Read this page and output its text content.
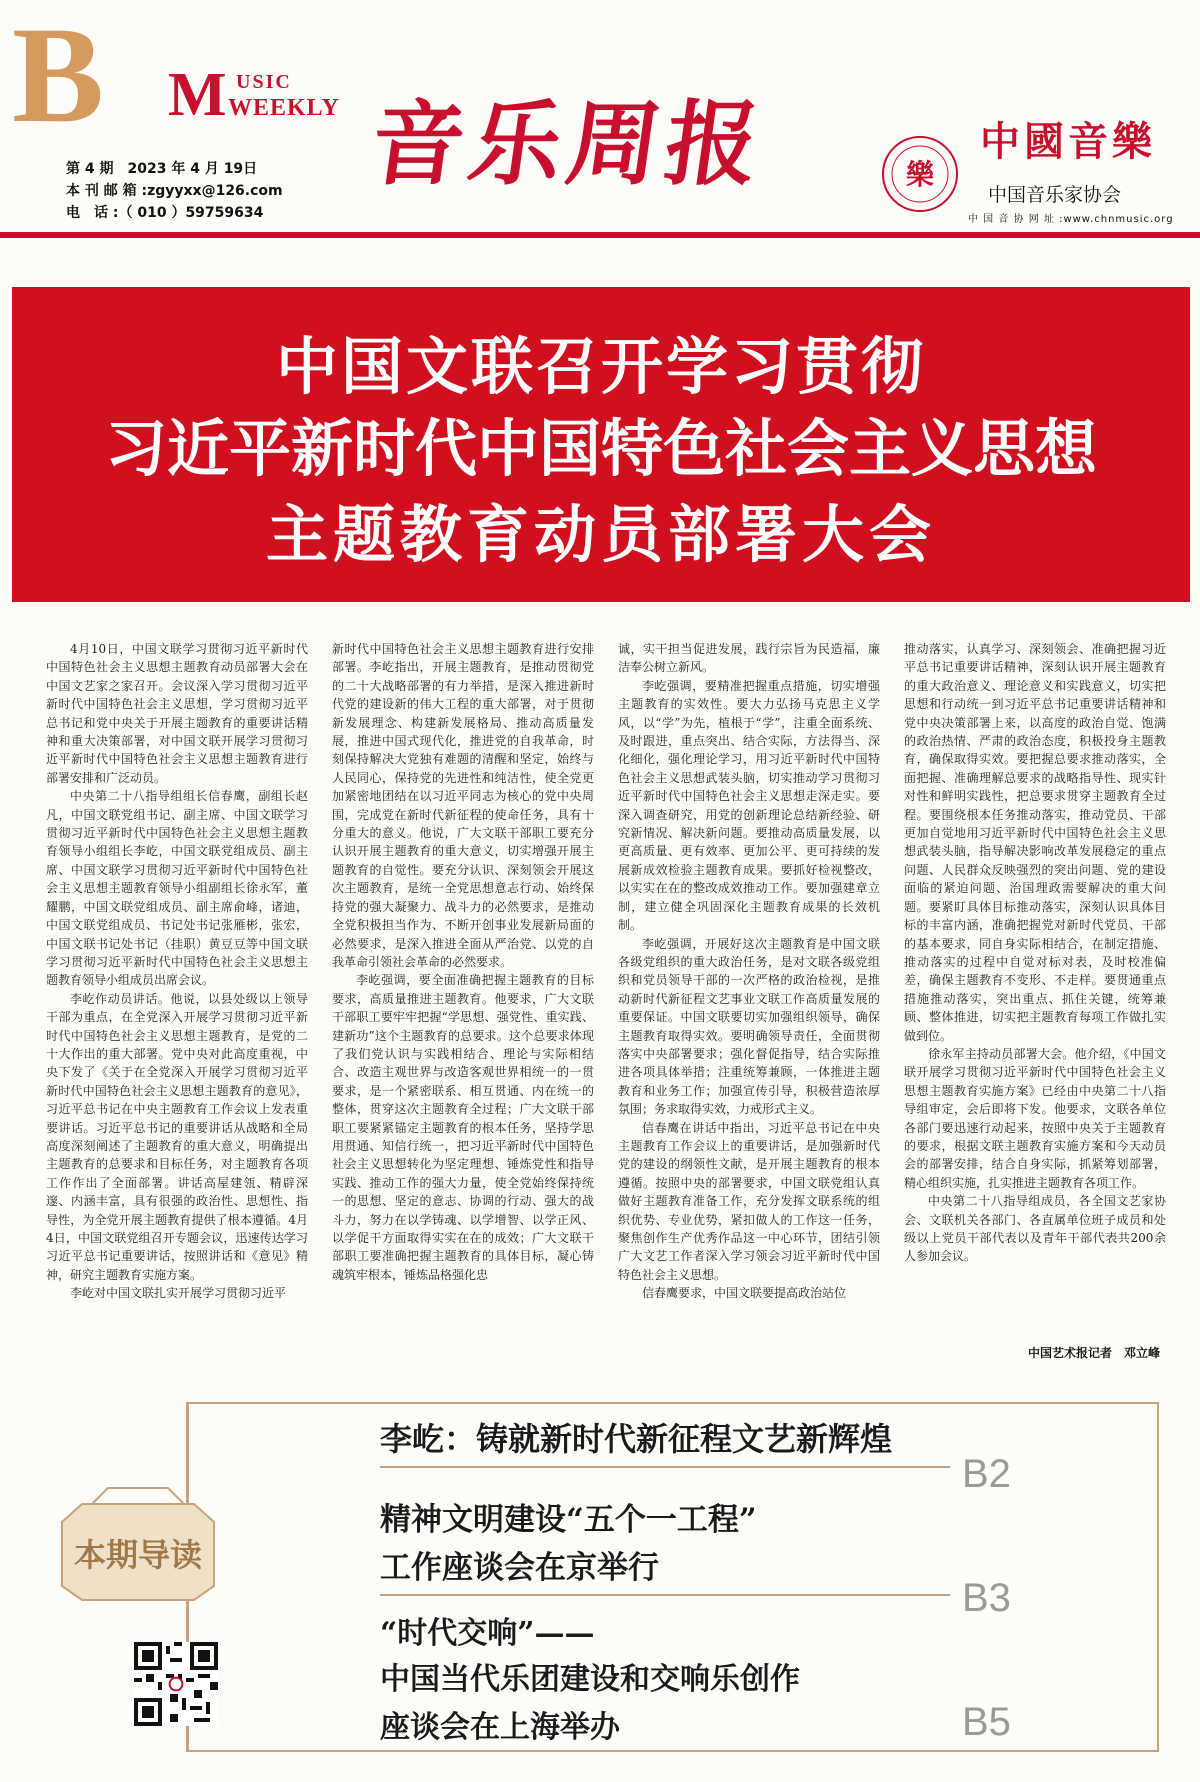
B M USIC
WEEKLY
第 4 期　2023 年 4 月 19日
本 刊 邮 箱 :zgyyxx@126.com
电　话 :（ 010 ）59759634
音乐周报	樂
中國音樂
中国音乐家协会
中 国 音 协 网 址 :www.chnmusic.org
中国文联召开学习贯彻
习近平新时代中国特色社会主义思想
主题教育动员部署大会

4月10日，中国文联学习贯彻习近平新时代中国特色社会主义思想主题教育动员部署大会在中国文艺家之家召开。会议深入学习贯彻习近平新时代中国特色社会主义思想，学习贯彻习近平总书记和党中央关于开展主题教育的重要讲话精神和重大决策部署，对中国文联开展学习贯彻习近平新时代中国特色社会主义思想主题教育进行部署安排和广泛动员。

中央第二十八指导组组长信春鹰，副组长赵凡，中国文联党组书记、副主席、中国文联学习贯彻习近平新时代中国特色社会主义思想主题教育领导小组组长李屹，中国文联党组成员、副主席、中国文联学习贯彻习近平新时代中国特色社会主义思想主题教育领导小组副组长徐永军，董耀鹏，中国文联党组成员、副主席俞峰，诸迪，中国文联党组成员、书记处书记张雁彬，张宏，中国文联书记处书记（挂职）黄豆豆等中国文联学习贯彻习近平新时代中国特色社会主义思想主题教育领导小组成员出席会议。

李屹作动员讲话。他说，以县处级以上领导干部为重点，在全党深入开展学习贯彻习近平新时代中国特色社会主义思想主题教育，是党的二十大作出的重大部署。党中央对此高度重视，中央下发了《关于在全党深入开展学习贯彻习近平新时代中国特色社会主义思想主题教育的意见》，习近平总书记在中央主题教育工作会议上发表重要讲话。习近平总书记的重要讲话从战略和全局高度深刻阐述了主题教育的重大意义，明确提出主题教育的总要求和目标任务，对主题教育各项工作作出了全面部署。讲话高屋建瓴、精辟深邃、内涵丰富，具有很强的政治性、思想性、指导性，为全党开展主题教育提供了根本遵循。4月4日，中国文联党组召开专题会议，迅速传达学习习近平总书记重要讲话，按照讲话和《意见》精神，研究主题教育实施方案。

李屹对中国文联扎实开展学习贯彻习近平

新时代中国特色社会主义思想主题教育进行安排部署。李屹指出，开展主题教育，是推动贯彻党的二十大战略部署的有力举措，是深入推进新时代党的建设新的伟大工程的重大部署，对于贯彻新发展理念、构建新发展格局、推动高质量发展，推进中国式现代化，推进党的自我革命，时刻保持解决大党独有难题的清醒和坚定，始终与人民同心，保持党的先进性和纯洁性，使全党更加紧密地团结在以习近平同志为核心的党中央周围，完成党在新时代新征程的使命任务，具有十分重大的意义。他说，广大文联干部职工要充分认识开展主题教育的重大意义，切实增强开展主题教育的自觉性。要充分认识、深刻领会开展这次主题教育，是统一全党思想意志行动、始终保持党的强大凝聚力、战斗力的必然要求，是推动全党积极担当作为、不断开创事业发展新局面的必然要求，是深入推进全面从严治党、以党的自我革命引领社会革命的必然要求。

李屹强调，要全面准确把握主题教育的目标要求，高质量推进主题教育。他要求，广大文联干部职工要牢牢把握“学思想、强党性、重实践、建新功”这个主题教育的总要求。这个总要求体现了我们党认识与实践相结合、理论与实际相结合、改造主观世界与改造客观世界相统一的一贯要求，是一个紧密联系、相互贯通、内在统一的整体，贯穿这次主题教育全过程；广大文联干部职工要紧紧锚定主题教育的根本任务，坚持学思用贯通、知信行统一，把习近平新时代中国特色社会主义思想转化为坚定理想、锤炼党性和指导实践、推动工作的强大力量，使全党始终保持统一的思想、坚定的意志、协调的行动、强大的战斗力，努力在以学铸魂、以学增智、以学正风、以学促干方面取得实实在在的成效；广大文联干部职工要准确把握主题教育的具体目标，凝心铸魂筑牢根本，锤炼品格强化忠

诚，实干担当促进发展，践行宗旨为民造福，廉洁奉公树立新风。

李屹强调，要精准把握重点措施，切实增强主题教育的实效性。要大力弘扬马克思主义学风，以“学”为先，植根于“学”，注重全面系统、及时跟进，重点突出、结合实际，方法得当、深化细化，强化理论学习，用习近平新时代中国特色社会主义思想武装头脑，切实推动学习贯彻习近平新时代中国特色社会主义思想走深走实。要深入调查研究，用党的创新理论总结新经验、研究新情况、解决新问题。要推动高质量发展，以更高质量、更有效率、更加公平、更可持续的发展新成效检验主题教育成果。要抓好检视整改，以实实在在的整改成效推动工作。要加强建章立制，建立健全巩固深化主题教育成果的长效机制。

李屹强调，开展好这次主题教育是中国文联各级党组织的重大政治任务，是对文联各级党组织和党员领导干部的一次严格的政治检视，是推动新时代新征程文艺事业文联工作高质量发展的重要保证。中国文联要切实加强组织领导，确保主题教育取得实效。要明确领导责任，全面贯彻落实中央部署要求；强化督促指导，结合实际推进各项具体举措；注重统筹兼顾，一体推进主题教育和业务工作；加强宣传引导，积极营造浓厚氛围；务求取得实效，力戒形式主义。

信春鹰在讲话中指出，习近平总书记在中央主题教育工作会议上的重要讲话，是加强新时代党的建设的纲领性文献，是开展主题教育的根本遵循。按照中央的部署要求，中国文联党组认真做好主题教育准备工作，充分发挥文联系统的组织优势、专业优势，紧扣做人的工作这一任务，聚焦创作生产优秀作品这一中心环节，团结引领广大文艺工作者深入学习领会习近平新时代中国特色社会主义思想。

信春鹰要求，中国文联要提高政治站位

推动落实，认真学习、深刻领会、准确把握习近平总书记重要讲话精神，深刻认识开展主题教育的重大政治意义、理论意义和实践意义，切实把思想和行动统一到习近平总书记重要讲话精神和党中央决策部署上来，以高度的政治自觉、饱满的政治热情、严肃的政治态度，积极投身主题教育，确保取得实效。要把握总要求推动落实，全面把握、准确理解总要求的战略指导性、现实针对性和鲜明实践性，把总要求贯穿主题教育全过程。要围绕根本任务推动落实，推动党员、干部更加自觉地用习近平新时代中国特色社会主义思想武装头脑，指导解决影响改革发展稳定的重点问题、人民群众反映强烈的突出问题、党的建设面临的紧迫问题、治国理政需要解决的重大问题。要紧盯具体目标推动落实，深刻认识具体目标的丰富内涵，准确把握党对新时代党员、干部的基本要求，同自身实际相结合，在制定措施、推动落实的过程中自觉对标对表，及时校准偏差，确保主题教育不变形、不走样。要贯通重点措施推动落实，突出重点、抓住关键，统筹兼顾、整体推进，切实把主题教育每项工作做扎实做到位。

徐永军主持动员部署大会。他介绍，《中国文联开展学习贯彻习近平新时代中国特色社会主义思想主题教育实施方案》已经由中央第二十八指导组审定，会后即将下发。他要求，文联各单位各部门要迅速行动起来，按照中央关于主题教育的要求，根据文联主题教育实施方案和今天动员会的部署安排，结合自身实际，抓紧筹划部署，精心组织实施，扎实推进主题教育各项工作。

中央第二十八指导组成员，各全国文艺家协会、文联机关各部门、各直属单位班子成员和处级以上党员干部代表以及青年干部代表共200余人参加会议。

中国艺术报记者　邓立峰
本期导读
李屹：铸就新时代新征程文艺新辉煌
B2
精神文明建设“五个一工程”
工作座谈会在京举行
B3
“时代交响”——
中国当代乐团建设和交响乐创作
座谈会在上海举办	B5
